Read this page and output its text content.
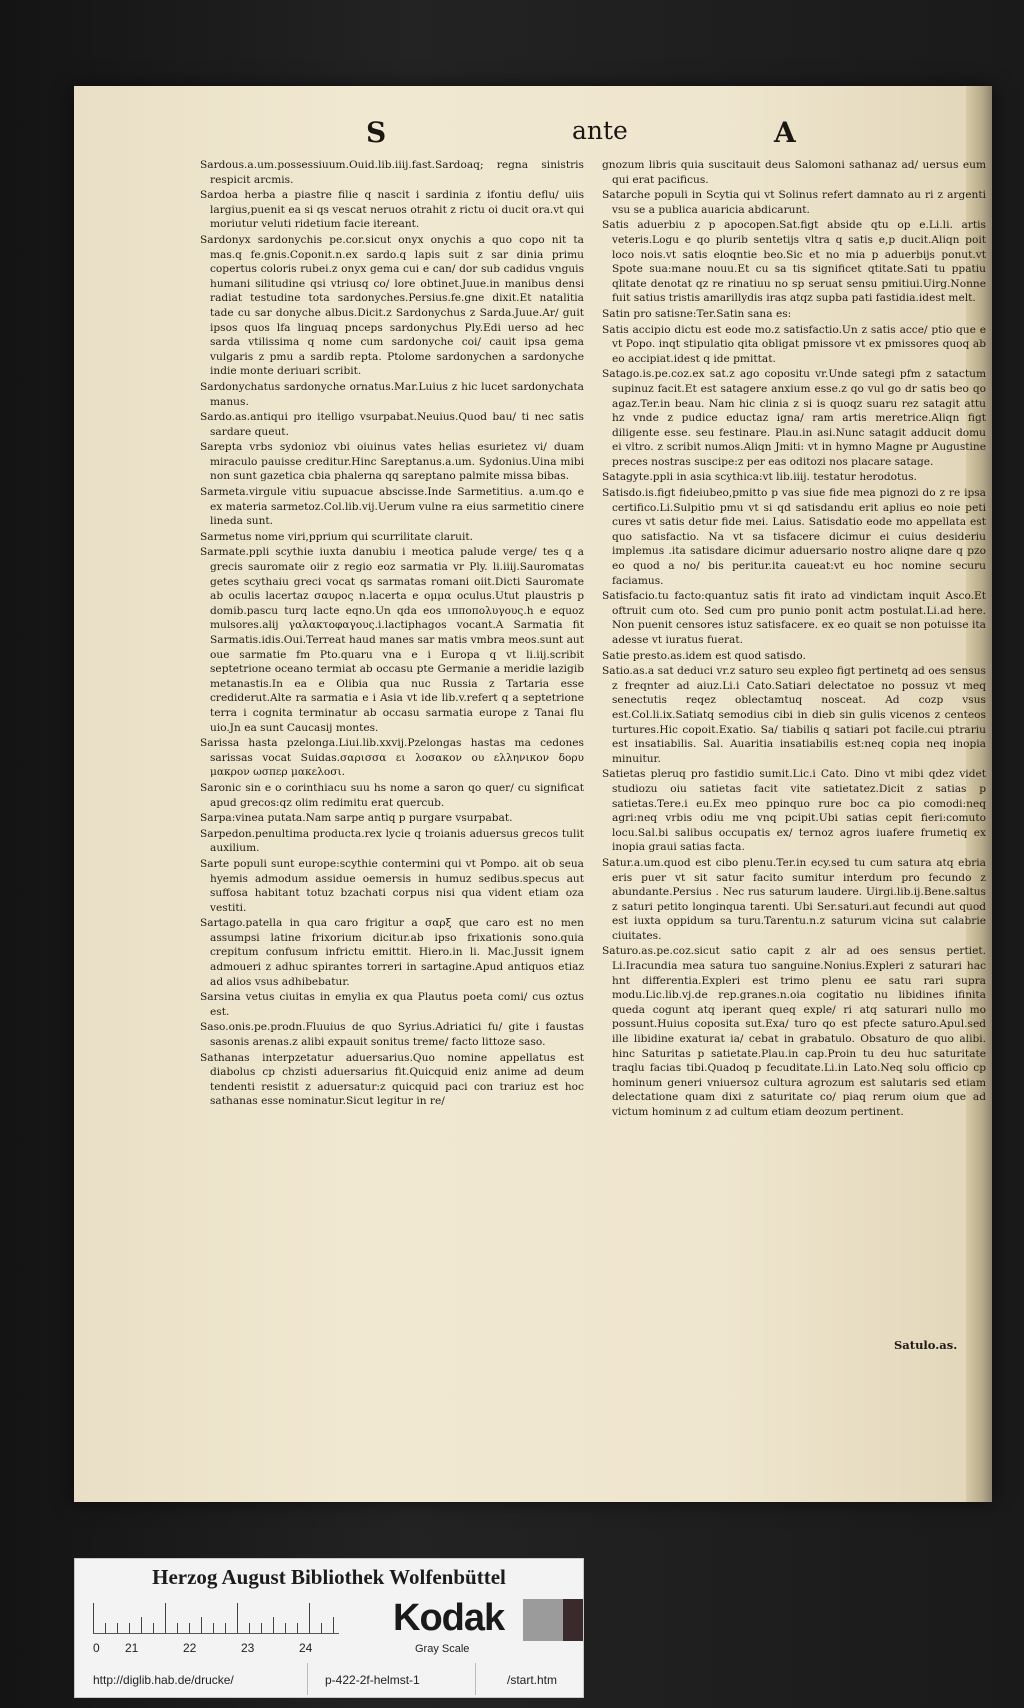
S	ante	A

Sardous.a.um.possessiuum.Ouid.lib.iiij.fast.Sardoaq; regna sinistris respicit arcmis.

Sardoa herba a piastre filie q nascit i sardinia z ifontiu deflu/ uiis largius,puenit ea si qs vescat neruos otrahit z rictu oi ducit ora.vt qui moriutur veluti ridetium facie itereant.

Sardonyx sardonychis pe.cor.sicut onyx onychis a quo copo nit ta mas.q fe.gnis.Coponit.n.ex sardo.q lapis suit z sar dinia primu copertus coloris rubei.z onyx gema cui e can/ dor sub cadidus vnguis humani silitudine qsi vtriusq co/ lore obtinet.Juue.in manibus densi radiat testudine tota sardonyches.Persius.fe.gne dixit.Et natalitia tade cu sar donyche albus.Dicit.z Sardonychus z Sarda.Juue.Ar/ guit ipsos quos lfa linguaq pnceps sardonychus Ply.Edi uerso ad hec sarda vtilissima q nome cum sardonyche coi/ cauit ipsa gema vulgaris z pmu a sardib repta. Ptolome sardonychen a sardonyche indie monte deriuari scribit.

Sardonychatus sardonyche ornatus.Mar.Luius z hic lucet sardonychata manus.

Sardo.as.antiqui pro itelligo vsurpabat.Neuius.Quod bau/ ti nec satis sardare queut.

Sarepta vrbs sydonioz vbi oiuinus vates helias esurietez vi/ duam miraculo pauisse creditur.Hinc Sareptanus.a.um. Sydonius.Uina mibi non sunt gazetica cbia phalerna qq sareptano palmite missa bibas.

Sarmeta.virgule vitiu supuacue abscisse.Inde Sarmetitius. a.um.qo e ex materia sarmetoz.Col.lib.vij.Uerum vulne ra eius sarmetitio cinere lineda sunt.

Sarmetus nome viri,pprium qui scurrilitate claruit.

Sarmate.ppli scythie iuxta danubiu i meotica palude verge/ tes q a grecis sauromate oiir z regio eoz sarmatia vr Ply. li.iiij.Sauromatas getes scythaiu greci vocat qs sarmatas romani oiit.Dicti Sauromate ab oculis lacertaz σαυρος n.lacerta e ομμα oculus.Utut plaustris p domib.pascu turq lacte eqno.Un qda eos ιπποπολυγους.h e equoz mulsores.alij γαλακτοφαγους.i.lactiphagos vocant.A Sarmatia fit Sarmatis.idis.Oui.Terreat haud manes sar matis vmbra meos.sunt aut oue sarmatie fm Pto.quaru vna e i Europa q vt li.iij.scribit septetrione oceano termiat ab occasu pte Germanie a meridie lazigib metanastis.In ea e Olibia qua nuc Russia z Tartaria esse crediderut.Alte ra sarmatia e i Asia vt ide lib.v.refert q a septetrione terra i cognita terminatur ab occasu sarmatia europe z Tanai flu uio.Jn ea sunt Caucasij montes.

Sarissa hasta pzelonga.Liui.lib.xxvij.Pzelongas hastas ma cedones sarissas vocat Suidas.σαρισσα ει λοσακον ου ελληνικον δορυ μακρον ωσπερ μακελοσι.

Saronic sin e o corinthiacu suu hs nome a saron qo quer/ cu significat apud grecos:qz olim redimitu erat quercub.

Sarpa:vinea putata.Nam sarpe antiq p purgare vsurpabat.

Sarpedon.penultima producta.rex lycie q troianis aduersus grecos tulit auxilium.

Sarte populi sunt europe:scythie contermini qui vt Pompo. ait ob seua hyemis admodum assidue oemersis in humuz sedibus.specus aut suffosa habitant totuz bzachati corpus nisi qua vident etiam oza vestiti.

Sartago.patella in qua caro frigitur a σαρξ que caro est no men assumpsi latine frixorium dicitur.ab ipso frixationis sono.quia crepitum confusum infrictu emittit. Hiero.in li. Mac.Jussit ignem admoueri z adhuc spirantes torreri in sartagine.Apud antiquos etiaz ad alios vsus adhibebatur.

Sarsina vetus ciuitas in emylia ex qua Plautus poeta comi/ cus oztus est.

Saso.onis.pe.prodn.Fluuius de quo Syrius.Adriatici fu/ gite i faustas sasonis arenas.z alibi expauit sonitus treme/ facto littoze saso.

Sathanas interpzetatur aduersarius.Quo nomine appellatus est diabolus cp chzisti aduersarius fit.Quicquid eniz anime ad deum tendenti resistit z aduersatur:z quicquid paci con trariuz est hoc sathanas esse nominatur.Sicut legitur in re/

gnozum libris quia suscitauit deus Salomoni sathanaz ad/ uersus eum qui erat pacificus.

Satarche populi in Scytia qui vt Solinus refert damnato au ri z argenti vsu se a publica auaricia abdicarunt.

Satis aduerbiu z p apocopen.Sat.figt abside qtu op e.Li.li. artis veteris.Logu e qo plurib sentetijs vltra q satis e,p ducit.Aliqn poit loco nois.vt satis eloqntie beo.Sic et no mia p aduerbijs ponut.vt Spote sua:mane nouu.Et cu sa tis significet qtitate.Sati tu ppatiu qlitate denotat qz re rinatiuu no sp seruat sensu pmitiui.Uirg.Nonne fuit satius tristis amarillydis iras atqz supba pati fastidia.idest melt.

Satin pro satisne:Ter.Satin sana es:

Satis accipio dictu est eode mo.z satisfactio.Un z satis acce/ ptio que e vt Popo. inqt stipulatio qita obligat pmissore vt ex pmissores quoq ab eo accipiat.idest q ide pmittat.

Satago.is.pe.coz.ex sat.z ago copositu vr.Unde sategi pfm z satactum supinuz facit.Et est satagere anxium esse.z qo vul go dr satis beo qo agaz.Ter.in beau. Nam hic clinia z si is quoqz suaru rez satagit attu hz vnde z pudice eductaz igna/ ram artis meretrice.Aliqn figt diligente esse. seu festinare. Plau.in asi.Nunc satagit adducit domu ei vltro. z scribit numos.Aliqn Jmiti: vt in hymno Magne pr Augustine preces nostras suscipe:z per eas oditozi nos placare satage.

Satagyte.ppli in asia scythica:vt lib.iiij. testatur herodotus.

Satisdo.is.figt fideiubeo,pmitto p vas siue fide mea pignozi do z re ipsa certifico.Li.Sulpitio pmu vt si qd satisdandu erit aplius eo noie peti cures vt satis detur fide mei. Laius. Satisdatio eode mo appellata est quo satisfactio. Na vt sa tisfacere dicimur ei cuius desideriu implemus .ita satisdare dicimur aduersario nostro aliqne dare q pzo eo quod a no/ bis peritur.ita caueat:vt eu hoc nomine securu faciamus.

Satisfacio.tu facto:quantuz satis fit irato ad vindictam inquit Asco.Et oftruit cum oto. Sed cum pro punio ponit actm postulat.Li.ad here. Non puenit censores istuz satisfacere. ex eo quait se non potuisse ita adesse vt iuratus fuerat.

Satie presto.as.idem est quod satisdo.

Satio.as.a sat deduci vr.z saturo seu expleo figt pertinetq ad oes sensus z freqnter ad aiuz.Li.i Cato.Satiari delectatoe no possuz vt meq senectutis reqez oblectamtuq nosceat. Ad cozp vsus est.Col.li.ix.Satiatq semodius cibi in dieb sin gulis vicenos z centeos turtures.Hic copoit.Exatio. Sa/ tiabilis q satiari pot facile.cui ptrariu est insatiabilis. Sal. Auaritia insatiabilis est:neq copia neq inopia minuitur.

Satietas pleruq pro fastidio sumit.Lic.i Cato. Dino vt mibi qdez videt studiozu oiu satietas facit vite satietatez.Dicit z satias p satietas.Tere.i eu.Ex meo ppinquo rure boc ca pio comodi:neq agri:neq vrbis odiu me vnq pcipit.Ubi satias cepit fieri:comuto locu.Sal.bi salibus occupatis ex/ ternoz agros iuafere frumetiq ex inopia graui satias facta.

Satur.a.um.quod est cibo plenu.Ter.in ecy.sed tu cum satura atq ebria eris puer vt sit satur facito sumitur interdum pro fecundo z abundante.Persius . Nec rus saturum laudere. Uirgi.lib.ij.Bene.saltus z saturi petito longinqua tarenti. Ubi Ser.saturi.aut fecundi aut quod est iuxta oppidum sa turu.Tarentu.n.z saturum vicina sut calabrie ciuitates.

Saturo.as.pe.coz.sicut satio capit z alr ad oes sensus pertiet. Li.Iracundia mea satura tuo sanguine.Nonius.Expleri z saturari hac hnt differentia.Expleri est trimo plenu ee satu rari supra modu.Lic.lib.vj.de rep.granes.n.oia cogitatio nu libidines ifinita queda cogunt atq iperant queq exple/ ri atq saturari nullo mo possunt.Huius coposita sut.Exa/ turo qo est pfecte saturo.Apul.sed ille libidine exaturat ia/ cebat in grabatulo. Obsaturo de quo alibi. hinc Saturitas p satietate.Plau.in cap.Proin tu deu huc saturitate traqlu facias tibi.Quadoq p fecuditate.Li.in Lato.Neq solu officio cp hominum generi vniuersoz cultura agrozum est salutaris sed etiam delectatione quam dixi z saturitate co/ piaq rerum oium que ad victum hominum z ad cultum etiam deozum pertinent.

Satulo.as.
Herzog August Bibliothek Wolfenbüttel
0 21	22	23	24
Kodak
Gray Scale
http://diglib.hab.de/drucke/	p-422-2f-helmst-1	/start.htm
